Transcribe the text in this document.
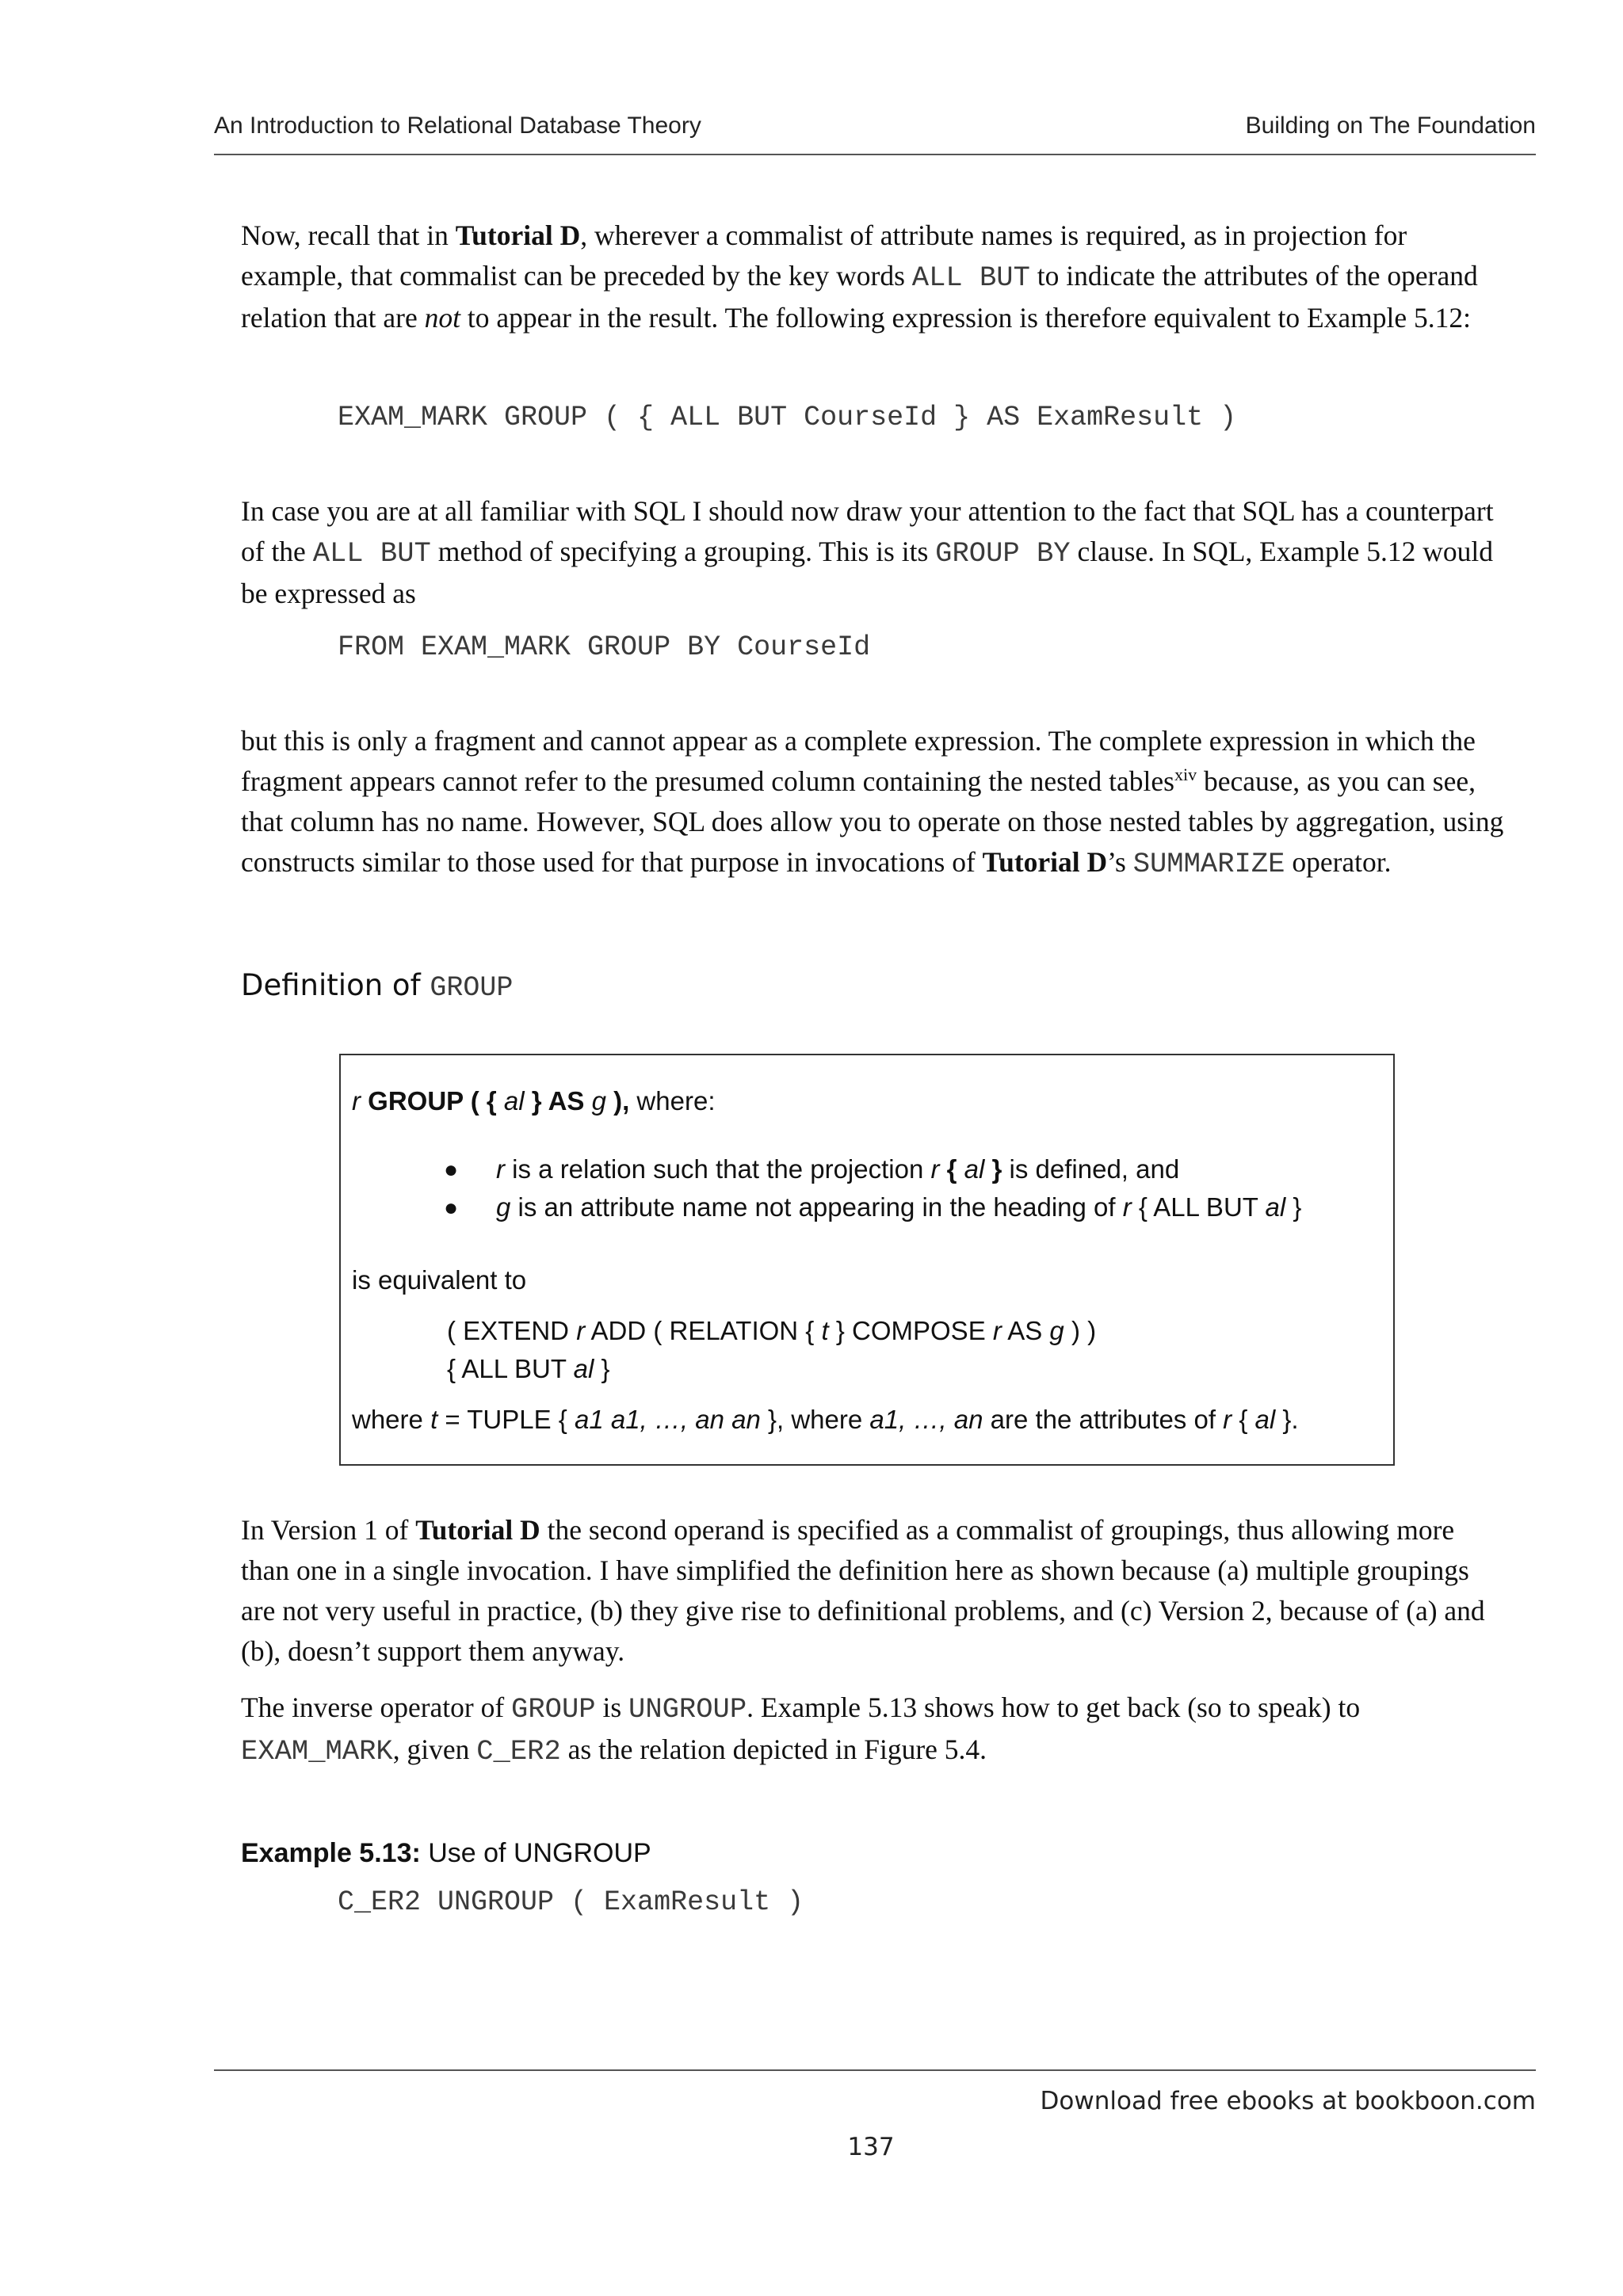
An Introduction to Relational Database Theory	Building on The Foundation

Now, recall that in Tutorial D, wherever a commalist of attribute names is required, as in projection for example, that commalist can be preceded by the key words ALL BUT to indicate the attributes of the operand relation that are not to appear in the result. The following expression is therefore equivalent to Example 5.12:

EXAM_MARK GROUP ( { ALL BUT CourseId } AS ExamResult )

In case you are at all familiar with SQL I should now draw your attention to the fact that SQL has a counterpart of the ALL BUT method of specifying a grouping. This is its GROUP BY clause. In SQL, Example 5.12 would be expressed as

FROM EXAM_MARK GROUP BY CourseId

but this is only a fragment and cannot appear as a complete expression. The complete expression in which the fragment appears cannot refer to the presumed column containing the nested tables$^{xiv}$ because, as you can see, that column has no name. However, SQL does allow you to operate on those nested tables by aggregation, using constructs similar to those used for that purpose in invocations of Tutorial D’s SUMMARIZE operator.

Definition of GROUP
r GROUP ( { al } AS g ), where:
● r is a relation such that the projection r { al } is defined, and
● g is an attribute name not appearing in the heading of r { ALL BUT al }
is equivalent to
( EXTEND r ADD ( RELATION { t } COMPOSE r AS g ) )
{ ALL BUT al }
where t = TUPLE { a1 a1, …, an an }, where a1, …, an are the attributes of r { al }.

In Version 1 of Tutorial D the second operand is specified as a commalist of groupings, thus allowing more than one in a single invocation. I have simplified the definition here as shown because (a) multiple groupings are not very useful in practice, (b) they give rise to definitional problems, and (c) Version 2, because of (a) and (b), doesn’t support them anyway.

The inverse operator of GROUP is UNGROUP. Example 5.13 shows how to get back (so to speak) to EXAM_MARK, given C_ER2 as the relation depicted in Figure 5.4.

Example 5.13: Use of UNGROUP
C_ER2 UNGROUP ( ExamResult )
Download free ebooks at bookboon.com
137
